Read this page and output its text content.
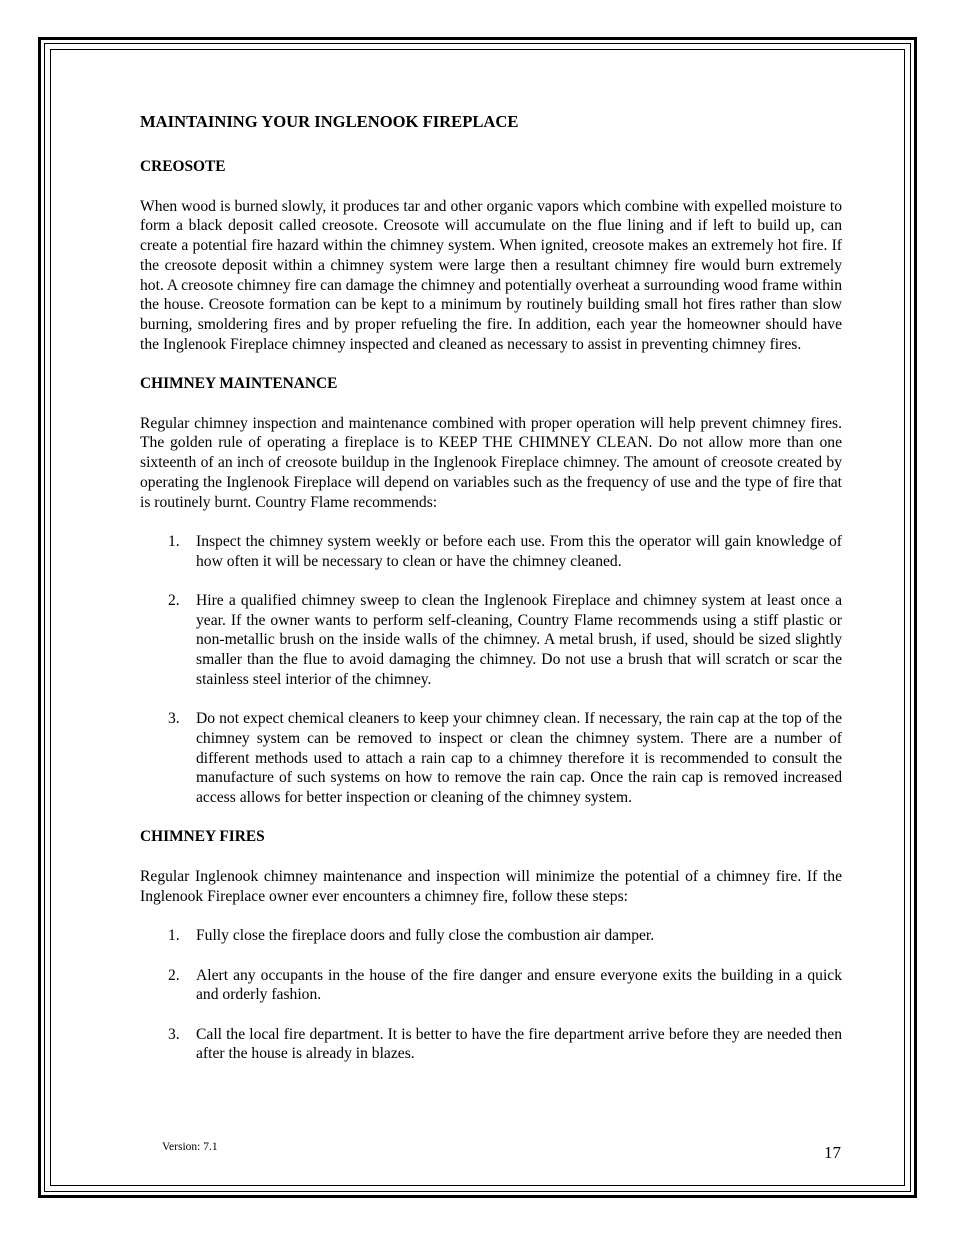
MAINTAINING YOUR INGLENOOK FIREPLACE
CREOSOTE

When wood is burned slowly, it produces tar and other organic vapors which combine with expelled moisture to form a black deposit called creosote. Creosote will accumulate on the flue lining and if left to build up, can create a potential fire hazard within the chimney system. When ignited, creosote makes an extremely hot fire. If the creosote deposit within a chimney system were large then a resultant chimney fire would burn extremely hot. A creosote chimney fire can damage the chimney and potentially overheat a surrounding wood frame within the house. Creosote formation can be kept to a minimum by routinely building small hot fires rather than slow burning, smoldering fires and by proper refueling the fire. In addition, each year the homeowner should have the Inglenook Fireplace chimney inspected and cleaned as necessary to assist in preventing chimney fires.

CHIMNEY MAINTENANCE

Regular chimney inspection and maintenance combined with proper operation will help prevent chimney fires. The golden rule of operating a fireplace is to KEEP THE CHIMNEY CLEAN. Do not allow more than one sixteenth of an inch of creosote buildup in the Inglenook Fireplace chimney. The amount of creosote created by operating the Inglenook Fireplace will depend on variables such as the frequency of use and the type of fire that is routinely burnt. Country Flame recommends:

1. Inspect the chimney system weekly or before each use. From this the operator will gain knowledge of how often it will be necessary to clean or have the chimney cleaned.
2. Hire a qualified chimney sweep to clean the Inglenook Fireplace and chimney system at least once a year. If the owner wants to perform self-cleaning, Country Flame recommends using a stiff plastic or non-metallic brush on the inside walls of the chimney. A metal brush, if used, should be sized slightly smaller than the flue to avoid damaging the chimney. Do not use a brush that will scratch or scar the stainless steel interior of the chimney.
3. Do not expect chemical cleaners to keep your chimney clean. If necessary, the rain cap at the top of the chimney system can be removed to inspect or clean the chimney system. There are a number of different methods used to attach a rain cap to a chimney therefore it is recommended to consult the manufacture of such systems on how to remove the rain cap. Once the rain cap is removed increased access allows for better inspection or cleaning of the chimney system.
CHIMNEY FIRES

Regular Inglenook chimney maintenance and inspection will minimize the potential of a chimney fire. If the Inglenook Fireplace owner ever encounters a chimney fire, follow these steps:

1. Fully close the fireplace doors and fully close the combustion air damper.
2. Alert any occupants in the house of the fire danger and ensure everyone exits the building in a quick and orderly fashion.
3. Call the local fire department. It is better to have the fire department arrive before they are needed then after the house is already in blazes.
Version: 7.1	17
